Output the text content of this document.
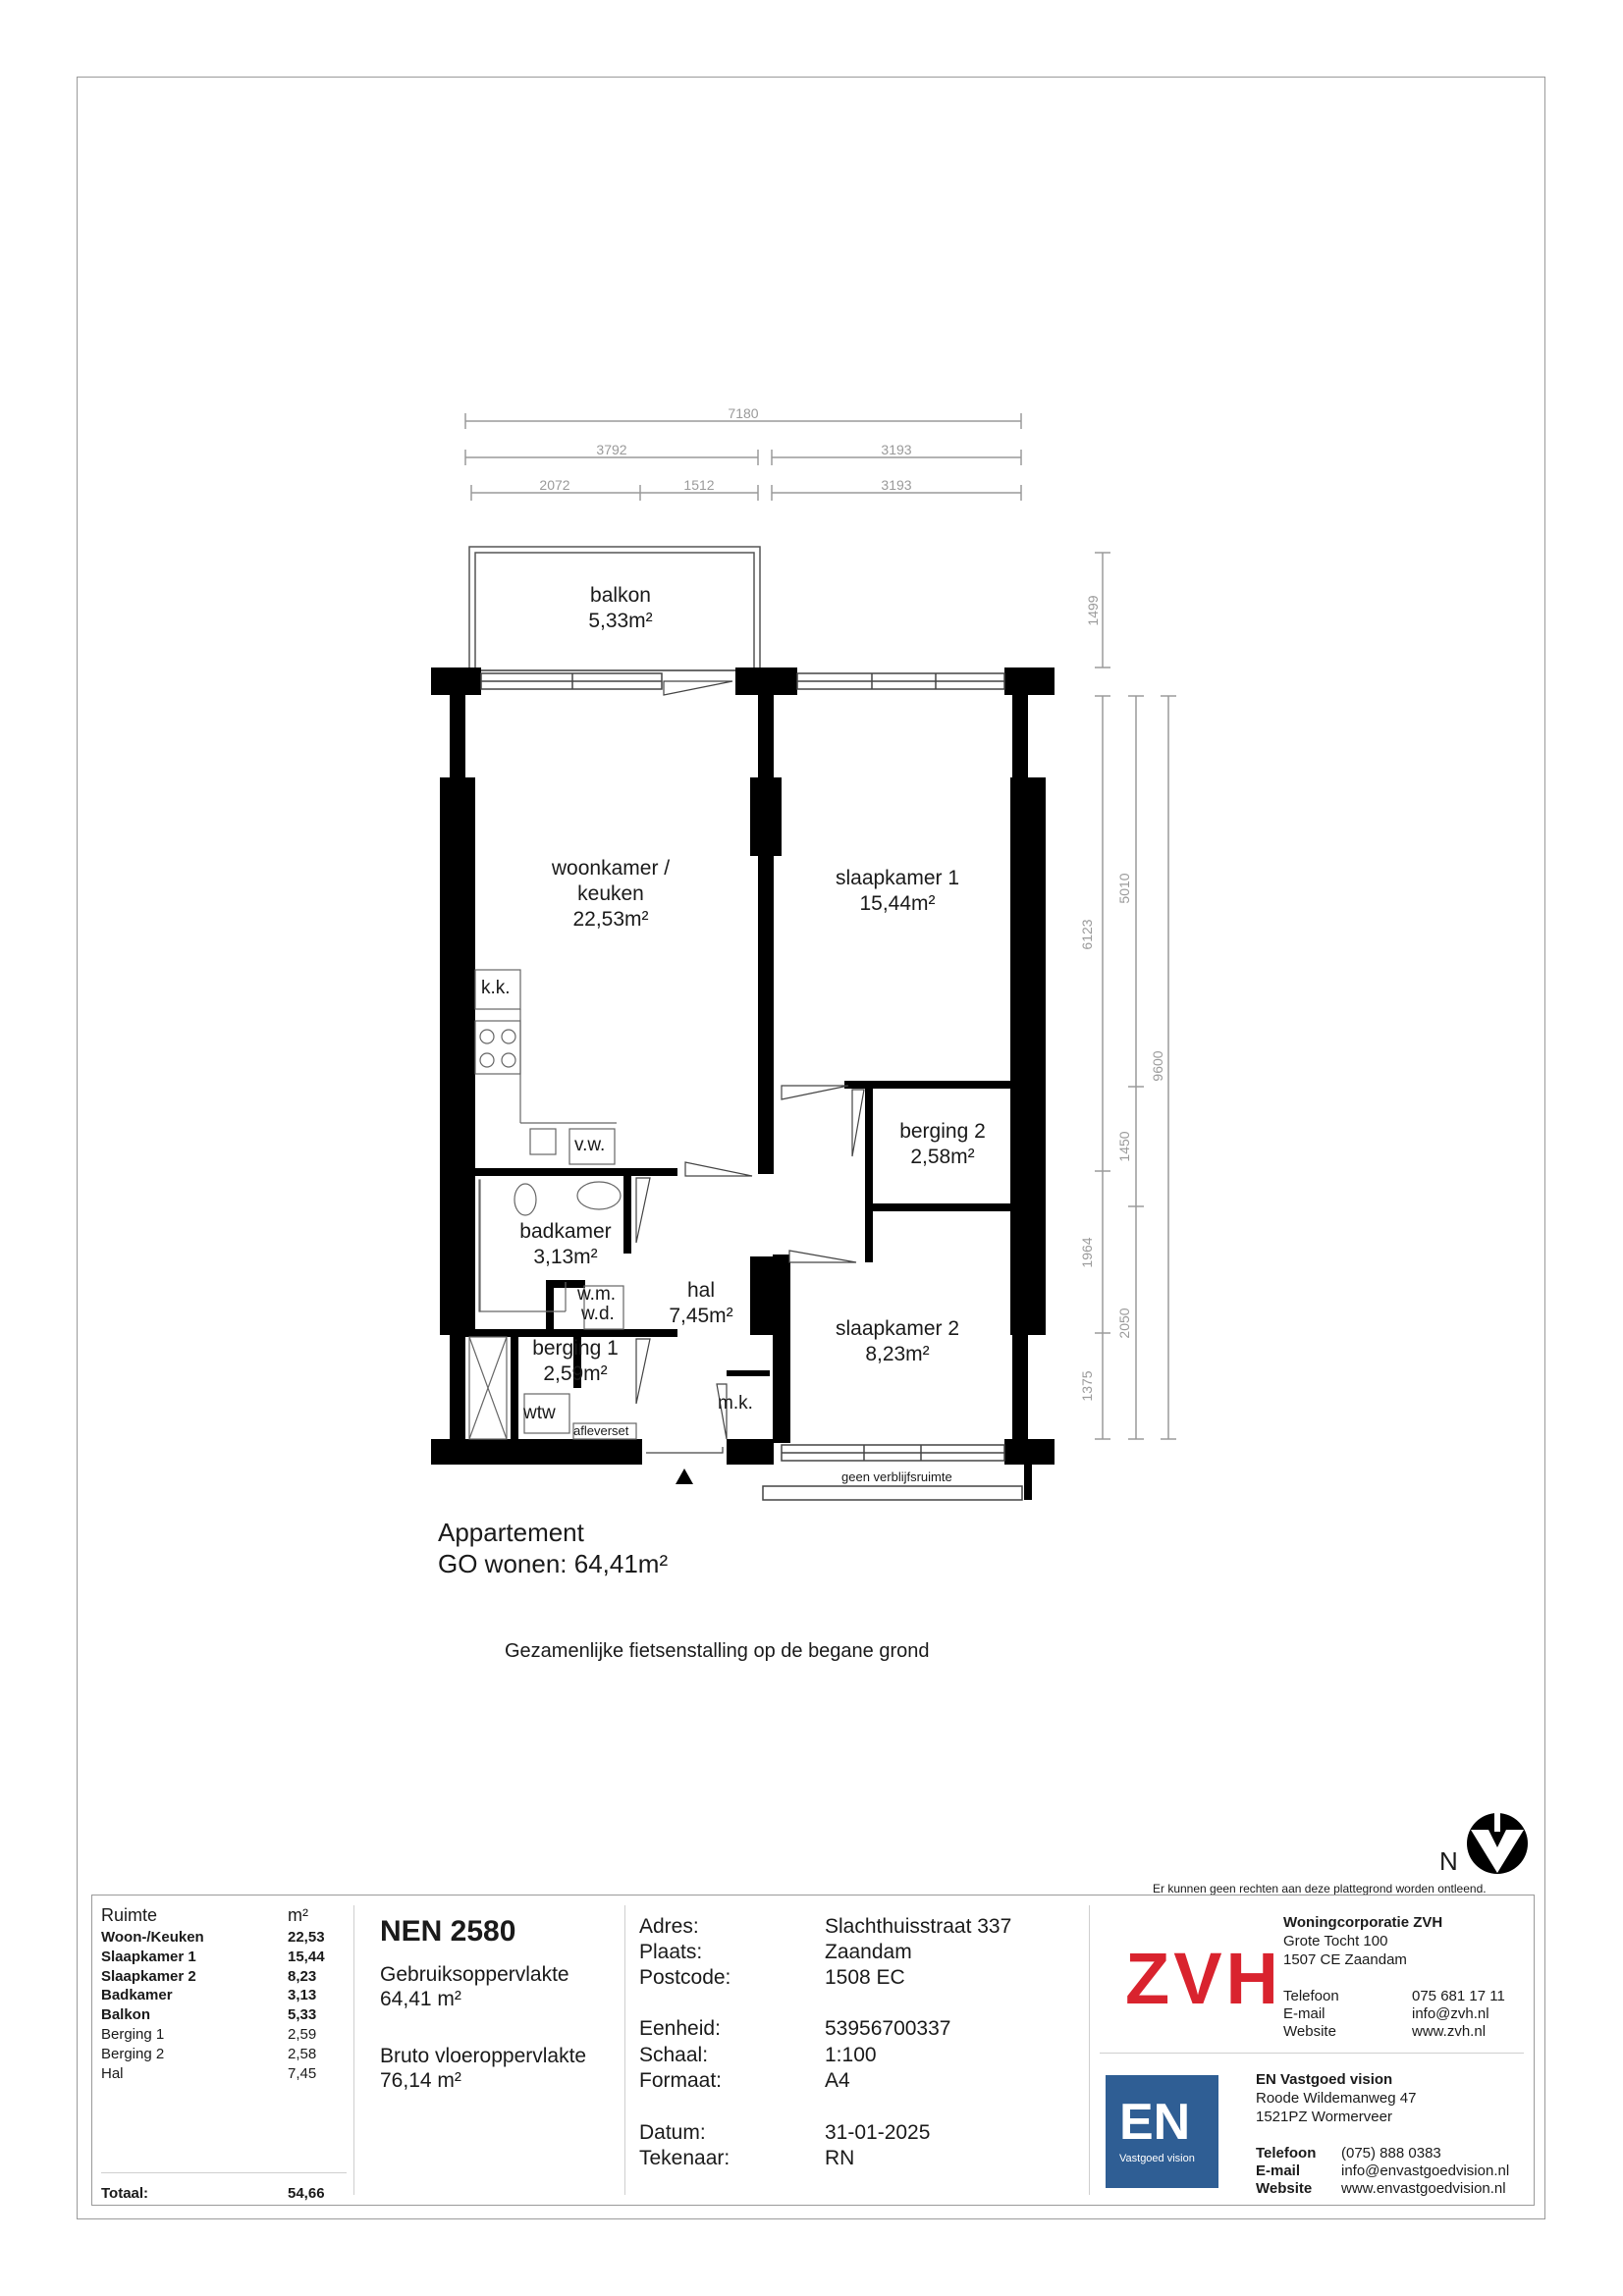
7180
3792	3193
2072	1512	3193
1499
6123
5010
9600
1450
1964
2050
1375
balkon
5,33m²
woonkamer /
keuken
22,53m²
slaapkamer 1
15,44m²
berging 2
2,58m²
badkamer
3,13m²
hal
7,45m²
slaapkamer 2
8,23m²
berging 1
2,59m²
k.k.
v.w.
w.m.
w.d.
wtw	m.k.
afleverset
geen verblijfsruimte
Appartement
GO wonen: 64,41m²
Gezamenlijke fietsenstalling op de begane grond
N
Er kunnen geen rechten aan deze plattegrond worden ontleend.
Ruimte	m²
Woon-/Keuken	22,53
Slaapkamer 1	15,44
Slaapkamer 2	8,23
Badkamer	3,13
Balkon	5,33
Berging 1	2,59
Berging 2	2,58
Hal	7,45
Totaal:	54,66
NEN 2580
Gebruiksoppervlakte
64,41 m²
Bruto vloeroppervlakte
76,14 m²
Adres:	Slachthuisstraat 337
Plaats:	Zaandam
Postcode:	1508 EC
Eenheid:	53956700337
Schaal:	1:100
Formaat:	A4
Datum:	31-01-2025
Tekenaar:	RN
ZVH
Woningcorporatie ZVH
Grote Tocht 100
1507 CE Zaandam
Telefoon	075 681 17 11
E-mail	info@zvh.nl
Website	www.zvh.nl
EN
Vastgoed vision
EN Vastgoed vision
Roode Wildemanweg 47
1521PZ Wormerveer
Telefoon (075) 888 0383
E-mail	info@envastgoedvision.nl
Website www.envastgoedvision.nl
